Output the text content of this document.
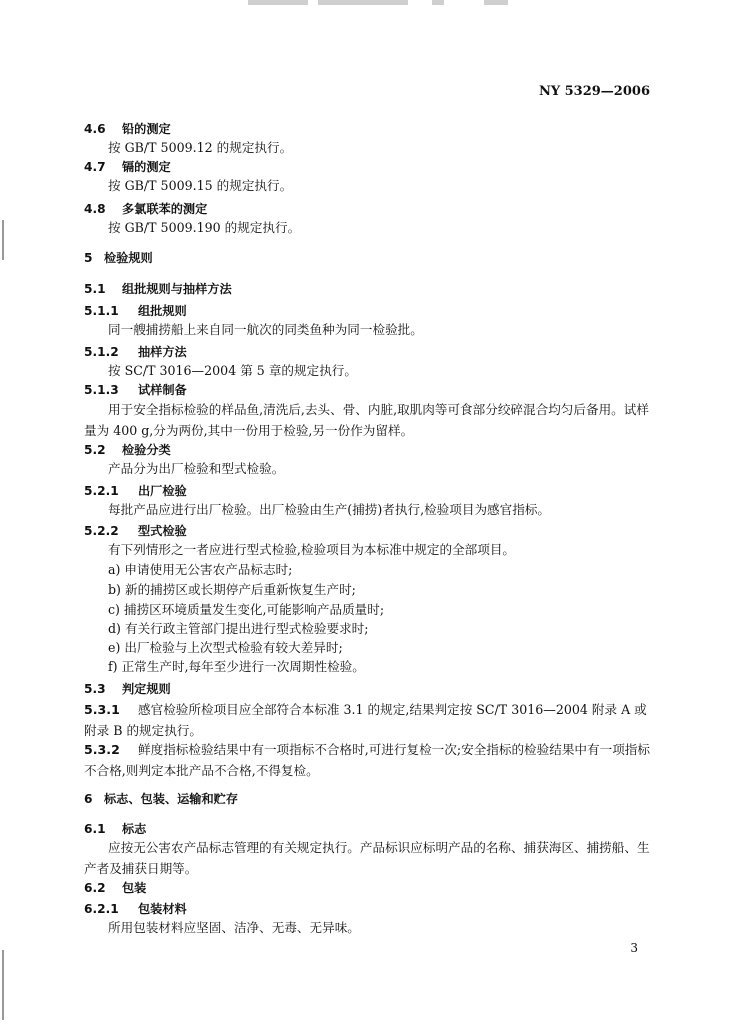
NY 5329—2006
4.6 铅的测定
按 GB/T 5009.12 的规定执行。
4.7 镉的测定
按 GB/T 5009.15 的规定执行。
4.8 多氯联苯的测定
按 GB/T 5009.190 的规定执行。
5 检验规则
5.1 组批规则与抽样方法
5.1.1 组批规则
同一艘捕捞船上来自同一航次的同类鱼种为同一检验批。
5.1.2 抽样方法
按 SC/T 3016—2004 第 5 章的规定执行。
5.1.3 试样制备
用于安全指标检验的样品鱼,清洗后,去头、骨、内脏,取肌肉等可食部分绞碎混合均匀后备用。试样量为 400 g,分为两份,其中一份用于检验,另一份作为留样。
5.2 检验分类
产品分为出厂检验和型式检验。
5.2.1 出厂检验
每批产品应进行出厂检验。出厂检验由生产(捕捞)者执行,检验项目为感官指标。
5.2.2 型式检验
有下列情形之一者应进行型式检验,检验项目为本标准中规定的全部项目。
a) 申请使用无公害农产品标志时;
b) 新的捕捞区或长期停产后重新恢复生产时;
c) 捕捞区环境质量发生变化,可能影响产品质量时;
d) 有关行政主管部门提出进行型式检验要求时;
e) 出厂检验与上次型式检验有较大差异时;
f) 正常生产时,每年至少进行一次周期性检验。
5.3 判定规则
5.3.1 感官检验所检项目应全部符合本标准 3.1 的规定,结果判定按 SC/T 3016—2004 附录 A 或附录 B 的规定执行。
5.3.2 鲜度指标检验结果中有一项指标不合格时,可进行复检一次;安全指标的检验结果中有一项指标不合格,则判定本批产品不合格,不得复检。
6 标志、包装、运输和贮存
6.1 标志
应按无公害农产品标志管理的有关规定执行。产品标识应标明产品的名称、捕获海区、捕捞船、生产者及捕获日期等。
6.2 包装
6.2.1 包装材料
所用包装材料应坚固、洁净、无毒、无异味。
3
